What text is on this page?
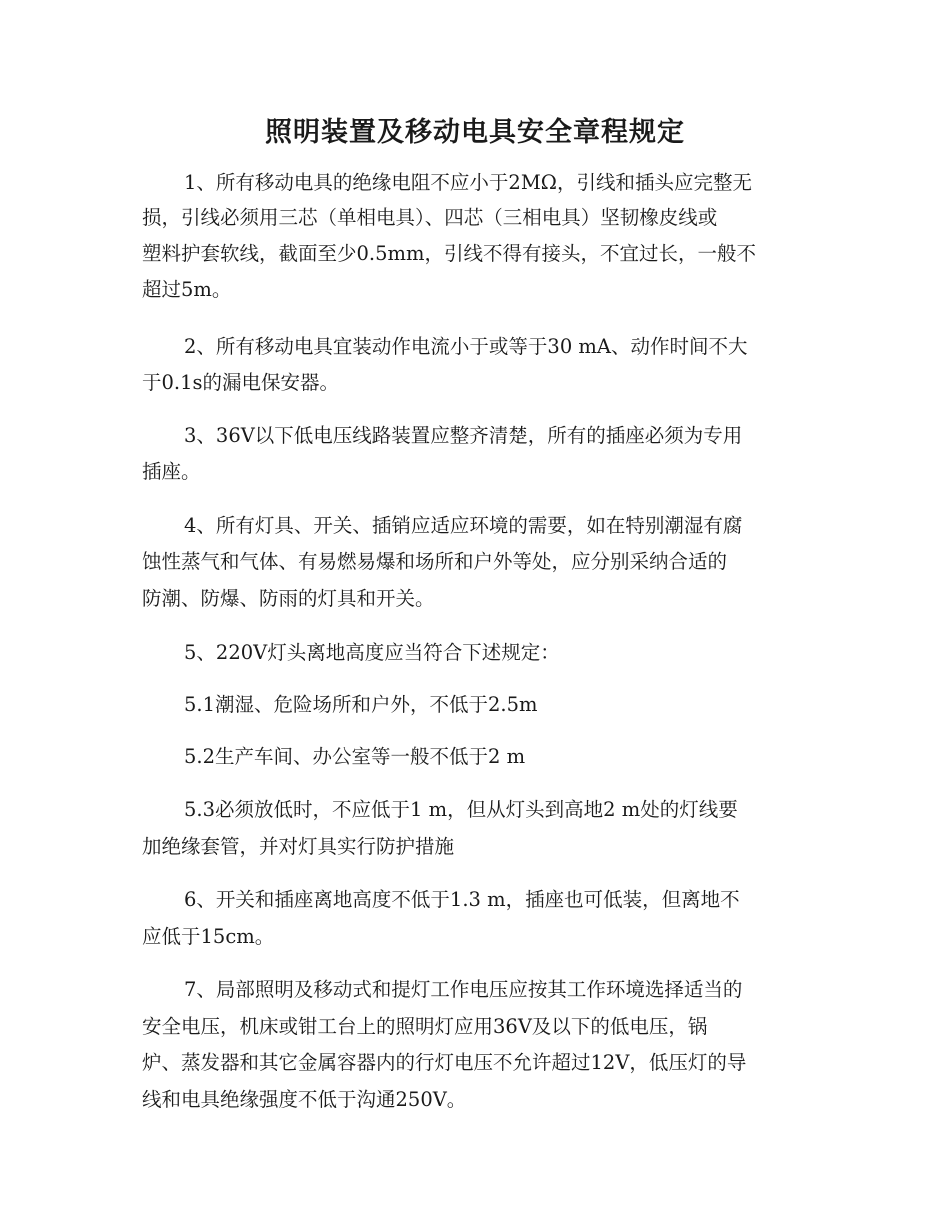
照明装置及移动电具安全章程规定

1、所有移动电具的绝缘电阻不应小于2MΩ，引线和插头应完整无

损，引线必须用三芯（单相电具）、四芯（三相电具）坚韧橡皮线或

塑料护套软线，截面至少0.5mm，引线不得有接头，不宜过长，一般不

超过5m。

2、所有移动电具宜装动作电流小于或等于30 mA、动作时间不大

于0.1s的漏电保安器。

3、36V以下低电压线路装置应整齐清楚，所有的插座必须为专用

插座。

4、所有灯具、开关、插销应适应环境的需要，如在特别潮湿有腐

蚀性蒸气和气体、有易燃易爆和场所和户外等处，应分别采纳合适的

防潮、防爆、防雨的灯具和开关。

5、220V灯头离地高度应当符合下述规定：

5.1潮湿、危险场所和户外，不低于2.5m

5.2生产车间、办公室等一般不低于2 m

5.3必须放低时，不应低于1 m，但从灯头到高地2 m处的灯线要

加绝缘套管，并对灯具实行防护措施

6、开关和插座离地高度不低于1.3 m，插座也可低装，但离地不

应低于15cm。

7、局部照明及移动式和提灯工作电压应按其工作环境选择适当的

安全电压，机床或钳工台上的照明灯应用36V及以下的低电压，锅

炉、蒸发器和其它金属容器内的行灯电压不允许超过12V，低压灯的导

线和电具绝缘强度不低于沟通250V。
